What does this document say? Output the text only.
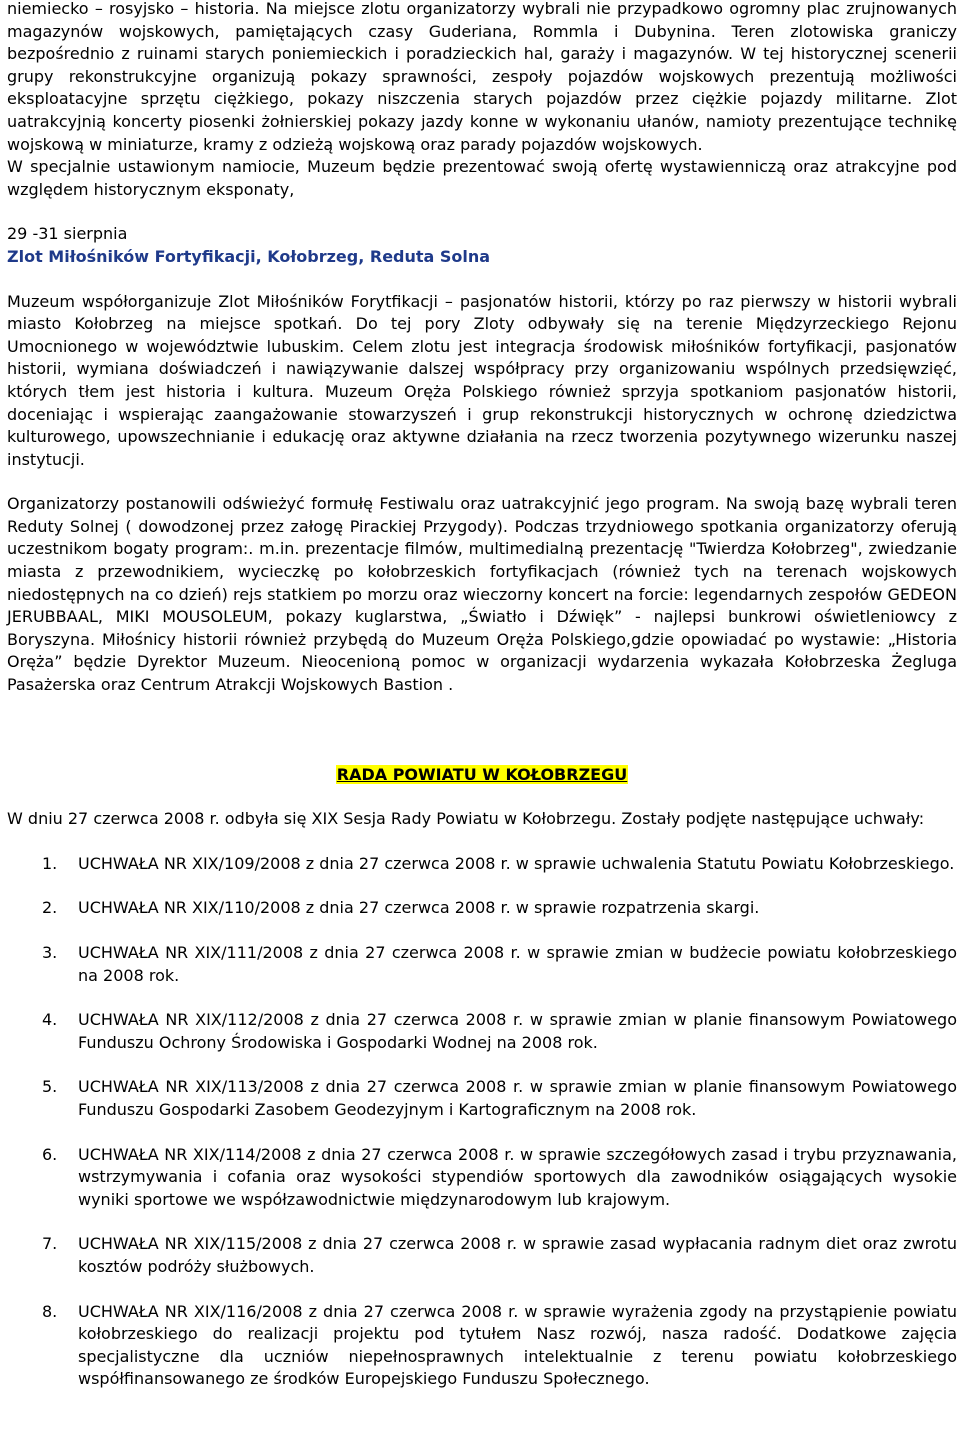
niemiecko – rosyjsko – historia. Na miejsce zlotu organizatorzy wybrali nie przypadkowo ogromny plac zrujnowanych magazynów wojskowych, pamiętających czasy Guderiana, Rommla i Dubynina. Teren zlotowiska graniczy bezpośrednio z ruinami starych poniemieckich i poradzieckich hal, garaży i magazynów. W tej historycznej scenerii grupy rekonstrukcyjne organizują pokazy sprawności, zespoły pojazdów wojskowych prezentują możliwości eksploatacyjne sprzętu ciężkiego, pokazy niszczenia starych pojazdów przez ciężkie pojazdy militarne. Zlot uatrakcyjnią koncerty piosenki żołnierskiej pokazy jazdy konne w wykonaniu ułanów, namioty prezentujące technikę wojskową w miniaturze, kramy z odzieżą wojskową oraz parady pojazdów wojskowych.

W specjalnie ustawionym namiocie, Muzeum będzie prezentować swoją ofertę wystawienniczą oraz atrakcyjne pod względem historycznym eksponaty,

29 -31 sierpnia

Zlot Miłośników Fortyfikacji, Kołobrzeg, Reduta Solna

Muzeum współorganizuje Zlot Miłośników Forytfikacji – pasjonatów historii, którzy po raz pierwszy w historii wybrali miasto Kołobrzeg na miejsce spotkań. Do tej pory Zloty odbywały się na terenie Międzyrzeckiego Rejonu Umocnionego w województwie lubuskim. Celem zlotu jest integracja środowisk miłośników fortyfikacji, pasjonatów historii, wymiana doświadczeń i nawiązywanie dalszej współpracy przy organizowaniu wspólnych przedsięwzięć, których tłem jest historia i kultura. Muzeum Oręża Polskiego również sprzyja spotkaniom pasjonatów historii, doceniając i wspierając zaangażowanie stowarzyszeń i grup rekonstrukcji historycznych w ochronę dziedzictwa kulturowego, upowszechnianie i edukację oraz aktywne działania na rzecz tworzenia pozytywnego wizerunku naszej instytucji.

Organizatorzy postanowili odświeżyć formułę Festiwalu oraz uatrakcyjnić jego program. Na swoją bazę wybrali teren Reduty Solnej ( dowodzonej przez załogę Pirackiej Przygody). Podczas trzydniowego spotkania organizatorzy oferują uczestnikom bogaty program:. m.in. prezentacje filmów, multimedialną prezentację "Twierdza Kołobrzeg", zwiedzanie miasta z przewodnikiem, wycieczkę po kołobrzeskich fortyfikacjach (również tych na terenach wojskowych niedostępnych na co dzień) rejs statkiem po morzu oraz wieczorny koncert na forcie: legendarnych zespołów GEDEON JERUBBAAL, MIKI MOUSOLEUM, pokazy kuglarstwa, „Światło i Dźwięk” - najlepsi bunkrowi oświetleniowcy z Boryszyna. Miłośnicy historii również przybędą do Muzeum Oręża Polskiego,gdzie opowiadać po wystawie: „Historia Oręża” będzie Dyrektor Muzeum. Nieocenioną pomoc w organizacji wydarzenia wykazała Kołobrzeska Żegluga Pasażerska oraz Centrum Atrakcji Wojskowych Bastion .

RADA POWIATU W KOŁOBRZEGU

W dniu 27 czerwca 2008 r. odbyła się XIX Sesja Rady Powiatu w Kołobrzegu. Zostały podjęte następujące uchwały:

1. UCHWAŁA NR XIX/109/2008 z dnia 27 czerwca 2008 r. w sprawie uchwalenia Statutu Powiatu Kołobrzeskiego.
2. UCHWAŁA NR XIX/110/2008 z dnia 27 czerwca 2008 r. w sprawie rozpatrzenia skargi.
3. UCHWAŁA NR XIX/111/2008 z dnia 27 czerwca 2008 r. w sprawie zmian w budżecie powiatu kołobrzeskiego na 2008 rok.
4. UCHWAŁA NR XIX/112/2008 z dnia 27 czerwca 2008 r. w sprawie zmian w planie finansowym Powiatowego Funduszu Ochrony Środowiska i Gospodarki Wodnej na 2008 rok.
5. UCHWAŁA NR XIX/113/2008 z dnia 27 czerwca 2008 r. w sprawie zmian w planie finansowym Powiatowego Funduszu Gospodarki Zasobem Geodezyjnym i Kartograficznym na 2008 rok.
6. UCHWAŁA NR XIX/114/2008 z dnia 27 czerwca 2008 r. w sprawie szczegółowych zasad i trybu przyznawania, wstrzymywania i cofania oraz wysokości stypendiów sportowych dla zawodników osiągających wysokie wyniki sportowe we współzawodnictwie międzynarodowym lub krajowym.
7. UCHWAŁA NR XIX/115/2008 z dnia 27 czerwca 2008 r. w sprawie zasad wypłacania radnym diet oraz zwrotu kosztów podróży służbowych.
8. UCHWAŁA NR XIX/116/2008 z dnia 27 czerwca 2008 r. w sprawie wyrażenia zgody na przystąpienie powiatu kołobrzeskiego do realizacji projektu pod tytułem Nasz rozwój, nasza radość. Dodatkowe zajęcia specjalistyczne dla uczniów niepełnosprawnych intelektualnie z terenu powiatu kołobrzeskiego współfinansowanego ze środków Europejskiego Funduszu Społecznego.
